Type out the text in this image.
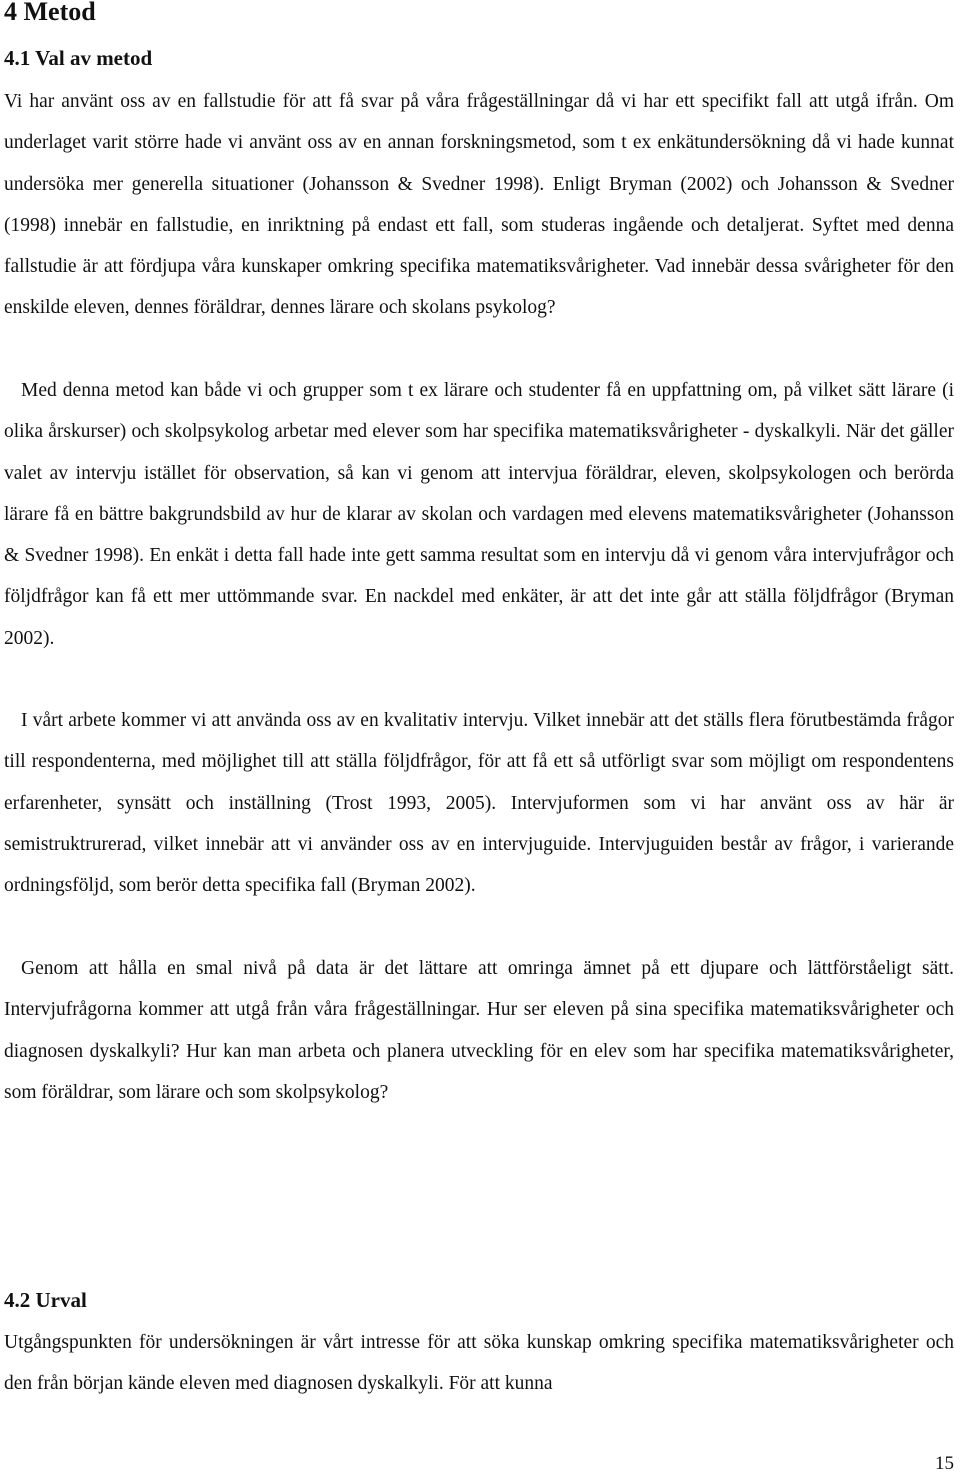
4 Metod
4.1 Val av metod

Vi har använt oss av en fallstudie för att få svar på våra frågeställningar då vi har ett specifikt fall att utgå ifrån. Om underlaget varit större hade vi använt oss av en annan forskningsmetod, som t ex enkätundersökning då vi hade kunnat undersöka mer generella situationer (Johansson & Svedner 1998). Enligt Bryman (2002) och Johansson & Svedner (1998) innebär en fallstudie, en inriktning på endast ett fall, som studeras ingående och detaljerat. Syftet med denna fallstudie är att fördjupa våra kunskaper omkring specifika matematiksvårigheter. Vad innebär dessa svårigheter för den enskilde eleven, dennes föräldrar, dennes lärare och skolans psykolog?

Med denna metod kan både vi och grupper som t ex lärare och studenter få en uppfattning om, på vilket sätt lärare (i olika årskurser) och skolpsykolog arbetar med elever som har specifika matematiksvårigheter - dyskalkyli. När det gäller valet av intervju istället för observation, så kan vi genom att intervjua föräldrar, eleven, skolpsykologen och berörda lärare få en bättre bakgrundsbild av hur de klarar av skolan och vardagen med elevens matematiksvårigheter (Johansson & Svedner 1998). En enkät i detta fall hade inte gett samma resultat som en intervju då vi genom våra intervjufrågor och följdfrågor kan få ett mer uttömmande svar. En nackdel med enkäter, är att det inte går att ställa följdfrågor (Bryman 2002).

I vårt arbete kommer vi att använda oss av en kvalitativ intervju. Vilket innebär att det ställs flera förutbestämda frågor till respondenterna, med möjlighet till att ställa följdfrågor, för att få ett så utförligt svar som möjligt om respondentens erfarenheter, synsätt och inställning (Trost 1993, 2005). Intervjuformen som vi har använt oss av här är semistruktrurerad, vilket innebär att vi använder oss av en intervjuguide. Intervjuguiden består av frågor, i varierande ordningsföljd, som berör detta specifika fall (Bryman 2002).

Genom att hålla en smal nivå på data är det lättare att omringa ämnet på ett djupare och lättförståeligt sätt. Intervjufrågorna kommer att utgå från våra frågeställningar. Hur ser eleven på sina specifika matematiksvårigheter och diagnosen dyskalkyli? Hur kan man arbeta och planera utveckling för en elev som har specifika matematiksvårigheter, som föräldrar, som lärare och som skolpsykolog?

4.2 Urval

Utgångspunkten för undersökningen är vårt intresse för att söka kunskap omkring specifika matematiksvårigheter och den från början kände eleven med diagnosen dyskalkyli. För att kunna

15
